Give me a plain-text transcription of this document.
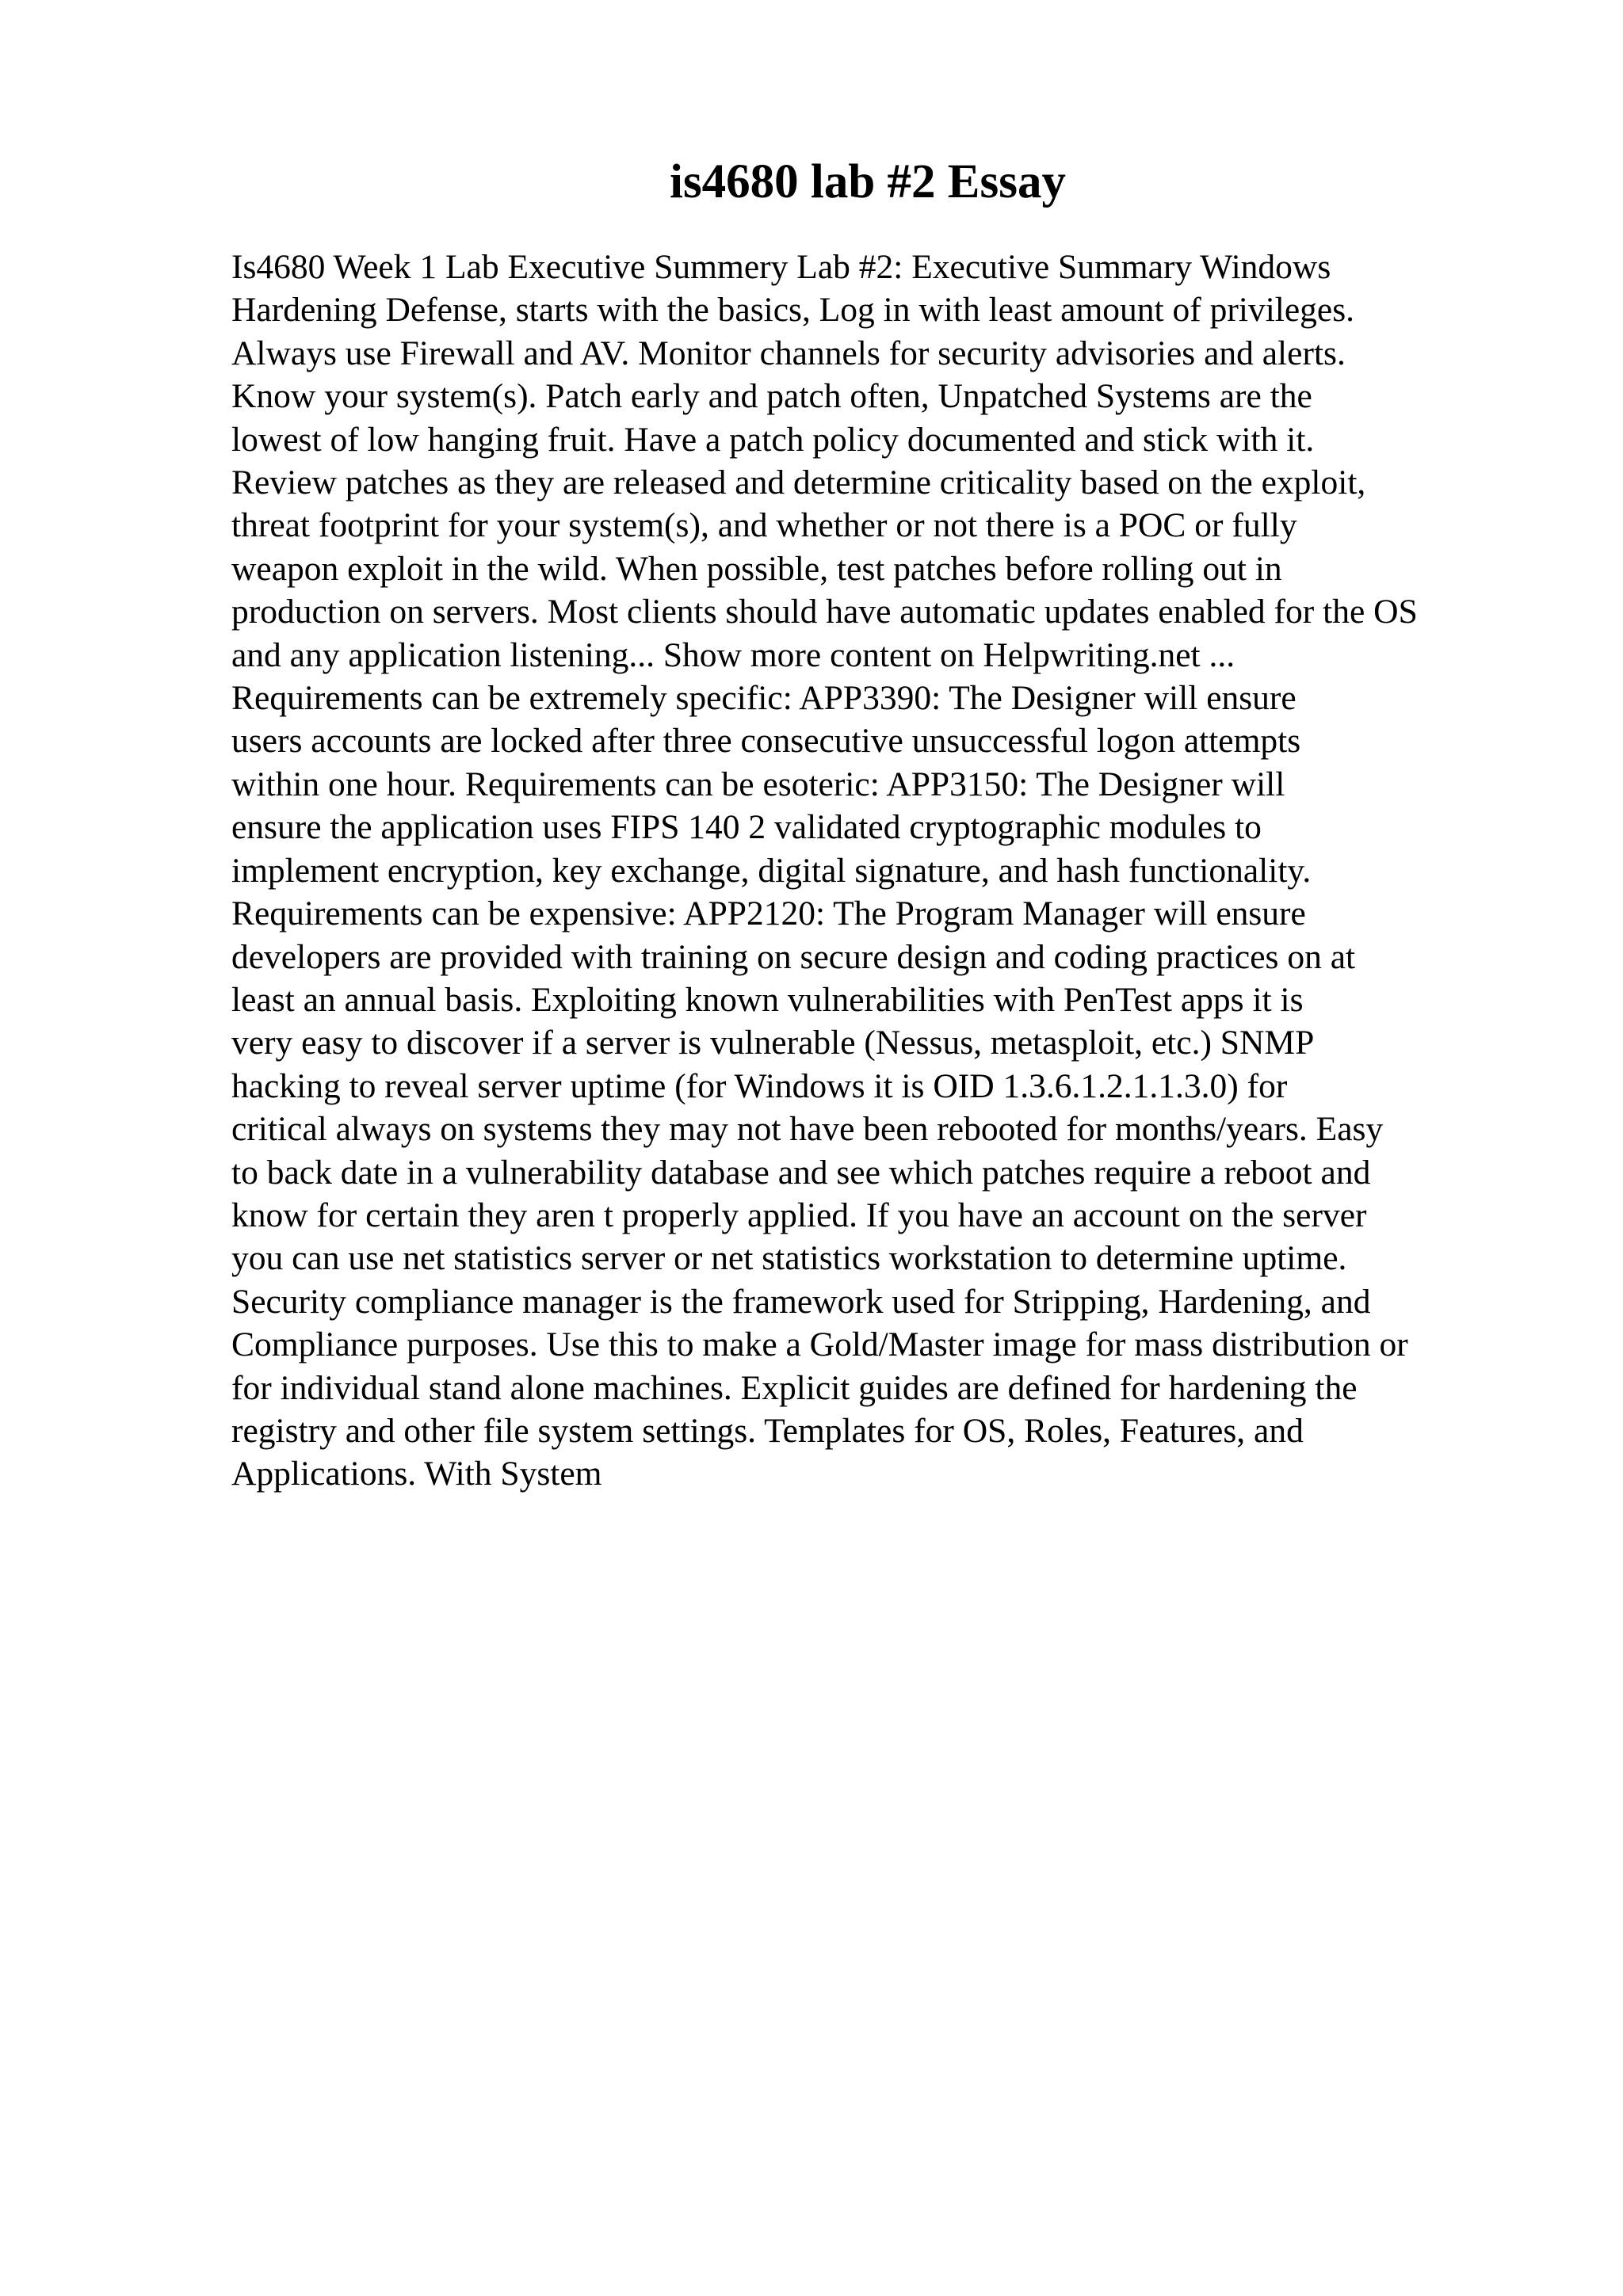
is4680 lab #2 Essay
Is4680 Week 1 Lab Executive Summery Lab #2: Executive Summary Windows
Hardening Defense, starts with the basics, Log in with least amount of privileges.
Always use Firewall and AV. Monitor channels for security advisories and alerts.
Know your system(s). Patch early and patch often, Unpatched Systems are the
lowest of low hanging fruit. Have a patch policy documented and stick with it.
Review patches as they are released and determine criticality based on the exploit,
threat footprint for your system(s), and whether or not there is a POC or fully
weapon exploit in the wild. When possible, test patches before rolling out in
production on servers. Most clients should have automatic updates enabled for the OS
and any application listening... Show more content on Helpwriting.net ...
Requirements can be extremely specific: APP3390: The Designer will ensure
users accounts are locked after three consecutive unsuccessful logon attempts
within one hour. Requirements can be esoteric: APP3150: The Designer will
ensure the application uses FIPS 140 2 validated cryptographic modules to
implement encryption, key exchange, digital signature, and hash functionality.
Requirements can be expensive: APP2120: The Program Manager will ensure
developers are provided with training on secure design and coding practices on at
least an annual basis. Exploiting known vulnerabilities with PenTest apps it is
very easy to discover if a server is vulnerable (Nessus, metasploit, etc.) SNMP
hacking to reveal server uptime (for Windows it is OID 1.3.6.1.2.1.1.3.0) for
critical always on systems they may not have been rebooted for months/years. Easy
to back date in a vulnerability database and see which patches require a reboot and
know for certain they aren t properly applied. If you have an account on the server
you can use net statistics server or net statistics workstation to determine uptime.
Security compliance manager is the framework used for Stripping, Hardening, and
Compliance purposes. Use this to make a Gold/Master image for mass distribution or
for individual stand alone machines. Explicit guides are defined for hardening the
registry and other file system settings. Templates for OS, Roles, Features, and
Applications. With System
